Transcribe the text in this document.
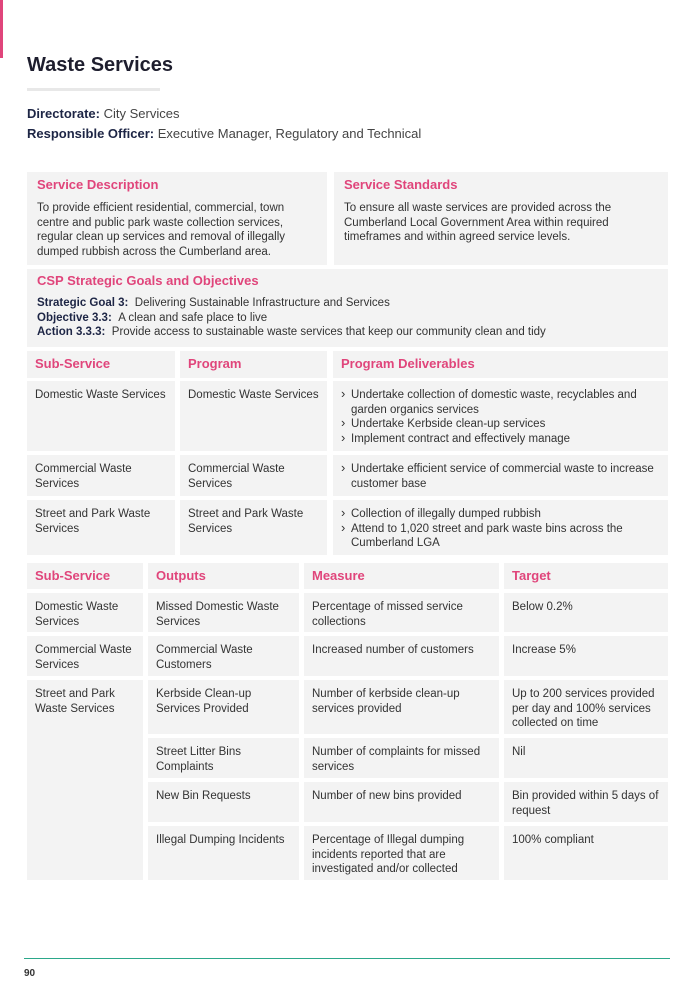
Waste Services
Directorate: City Services
Responsible Officer: Executive Manager, Regulatory and Technical
Service Description
To provide efficient residential, commercial, town centre and public park waste collection services, regular clean up services and removal of illegally dumped rubbish across the Cumberland area.
Service Standards
To ensure all waste services are provided across the Cumberland Local Government Area within required timeframes and within agreed service levels.
CSP Strategic Goals and Objectives
Strategic Goal 3: Delivering Sustainable Infrastructure and Services
Objective 3.3: A clean and safe place to live
Action 3.3.3: Provide access to sustainable waste services that keep our community clean and tidy
Sub-Service	Program	Program Deliverables
Domestic Waste Services	Domestic Waste Services
›	Undertake collection of domestic waste, recyclables and garden organics services
› Undertake Kerbside clean-up services
› Implement contract and effectively manage
Commercial Waste Services
Commercial Waste Services
› Undertake efficient service of commercial waste to increase customer base
Street and Park Waste Services
Street and Park Waste Services
› Collection of illegally dumped rubbish
› Attend to 1,020 street and park waste bins across the Cumberland LGA
Sub-Service	Outputs	Measure	Target
Domestic Waste Services
Commercial Waste Services
Street and Park Waste Services
Missed Domestic Waste Services
Percentage of missed service collections
Below 0.2%
Commercial Waste Customers
Increased number of customers	Increase 5%
Kerbside Clean-up Services Provided
Number of kerbside clean-up services provided
Up to 200 services provided per day and 100% services collected on time
Street Litter Bins Complaints
Number of complaints for missed services
Nil
New Bin Requests	Number of new bins provided	Bin provided within 5 days of request
Illegal Dumping Incidents	Percentage of Illegal dumping incidents reported that are investigated and/or collected
100% compliant
90
